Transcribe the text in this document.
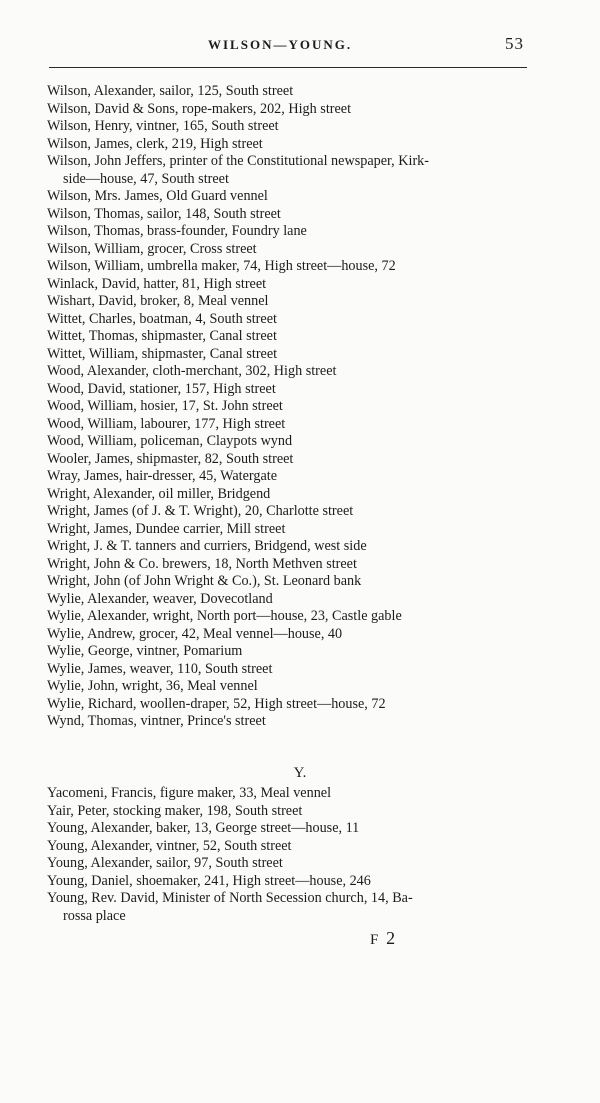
WILSON—YOUNG.	53
Wilson, Alexander, sailor, 125, South street
Wilson, David & Sons, rope-makers, 202, High street
Wilson, Henry, vintner, 165, South street
Wilson, James, clerk, 219, High street
Wilson, John Jeffers, printer of the Constitutional newspaper, Kirk-
side—house, 47, South street
Wilson, Mrs. James, Old Guard vennel
Wilson, Thomas, sailor, 148, South street
Wilson, Thomas, brass-founder, Foundry lane
Wilson, William, grocer, Cross street
Wilson, William, umbrella maker, 74, High street—house, 72
Winlack, David, hatter, 81, High street
Wishart, David, broker, 8, Meal vennel
Wittet, Charles, boatman, 4, South street
Wittet, Thomas, shipmaster, Canal street
Wittet, William, shipmaster, Canal street
Wood, Alexander, cloth-merchant, 302, High street
Wood, David, stationer, 157, High street
Wood, William, hosier, 17, St. John street
Wood, William, labourer, 177, High street
Wood, William, policeman, Claypots wynd
Wooler, James, shipmaster, 82, South street
Wray, James, hair-dresser, 45, Watergate
Wright, Alexander, oil miller, Bridgend
Wright, James (of J. & T. Wright), 20, Charlotte street
Wright, James, Dundee carrier, Mill street
Wright, J. & T. tanners and curriers, Bridgend, west side
Wright, John & Co. brewers, 18, North Methven street
Wright, John (of John Wright & Co.), St. Leonard bank
Wylie, Alexander, weaver, Dovecotland
Wylie, Alexander, wright, North port—house, 23, Castle gable
Wylie, Andrew, grocer, 42, Meal vennel—house, 40
Wylie, George, vintner, Pomarium
Wylie, James, weaver, 110, South street
Wylie, John, wright, 36, Meal vennel
Wylie, Richard, woollen-draper, 52, High street—house, 72
Wynd, Thomas, vintner, Prince's street
Y.
Yacomeni, Francis, figure maker, 33, Meal vennel
Yair, Peter, stocking maker, 198, South street
Young, Alexander, baker, 13, George street—house, 11
Young, Alexander, vintner, 52, South street
Young, Alexander, sailor, 97, South street
Young, Daniel, shoemaker, 241, High street—house, 246
Young, Rev. David, Minister of North Secession church, 14, Ba-
rossa place
F 2
